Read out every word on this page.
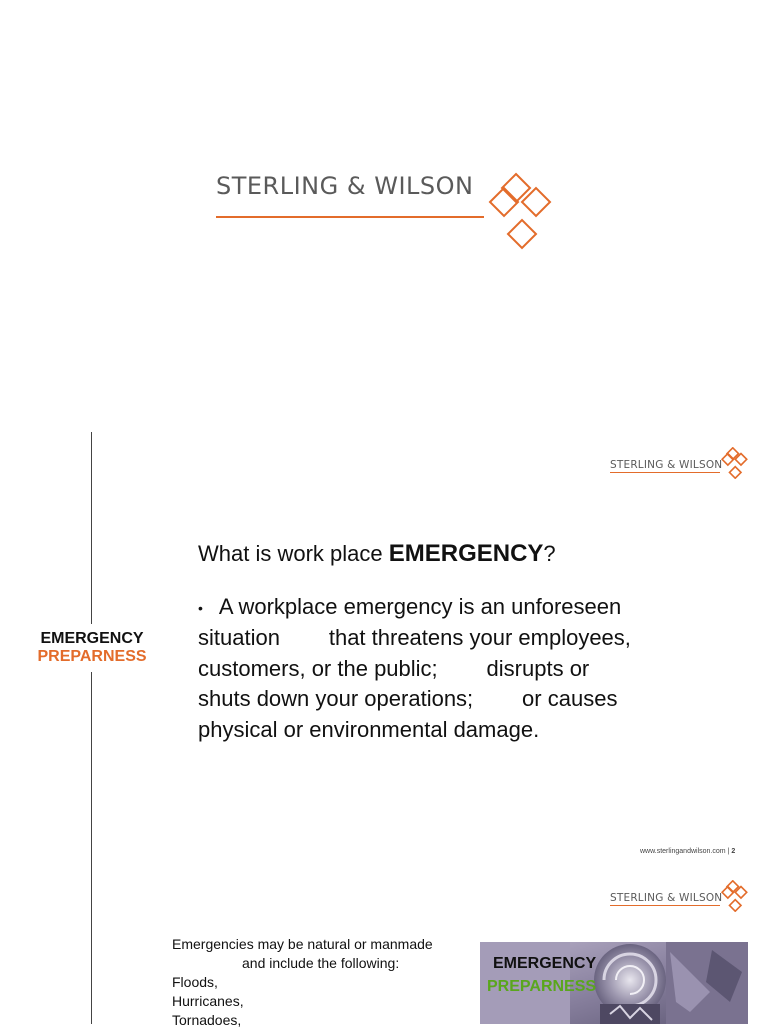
STERLING & WILSON
STERLING & WILSON
EMERGENCY
PREPARNESS
What is work place EMERGENCY?
• A workplace emergency is an unforeseen
situation        that threatens your employees,
customers, or the public;        disrupts or
shuts down your operations;        or causes
physical or environmental damage.
www.sterlingandwilson.com | 2
STERLING & WILSON
Emergencies may be natural or manmade
and include the following:
Floods,
Hurricanes,
Tornadoes,
EMERGENCY
PREPARNESS
